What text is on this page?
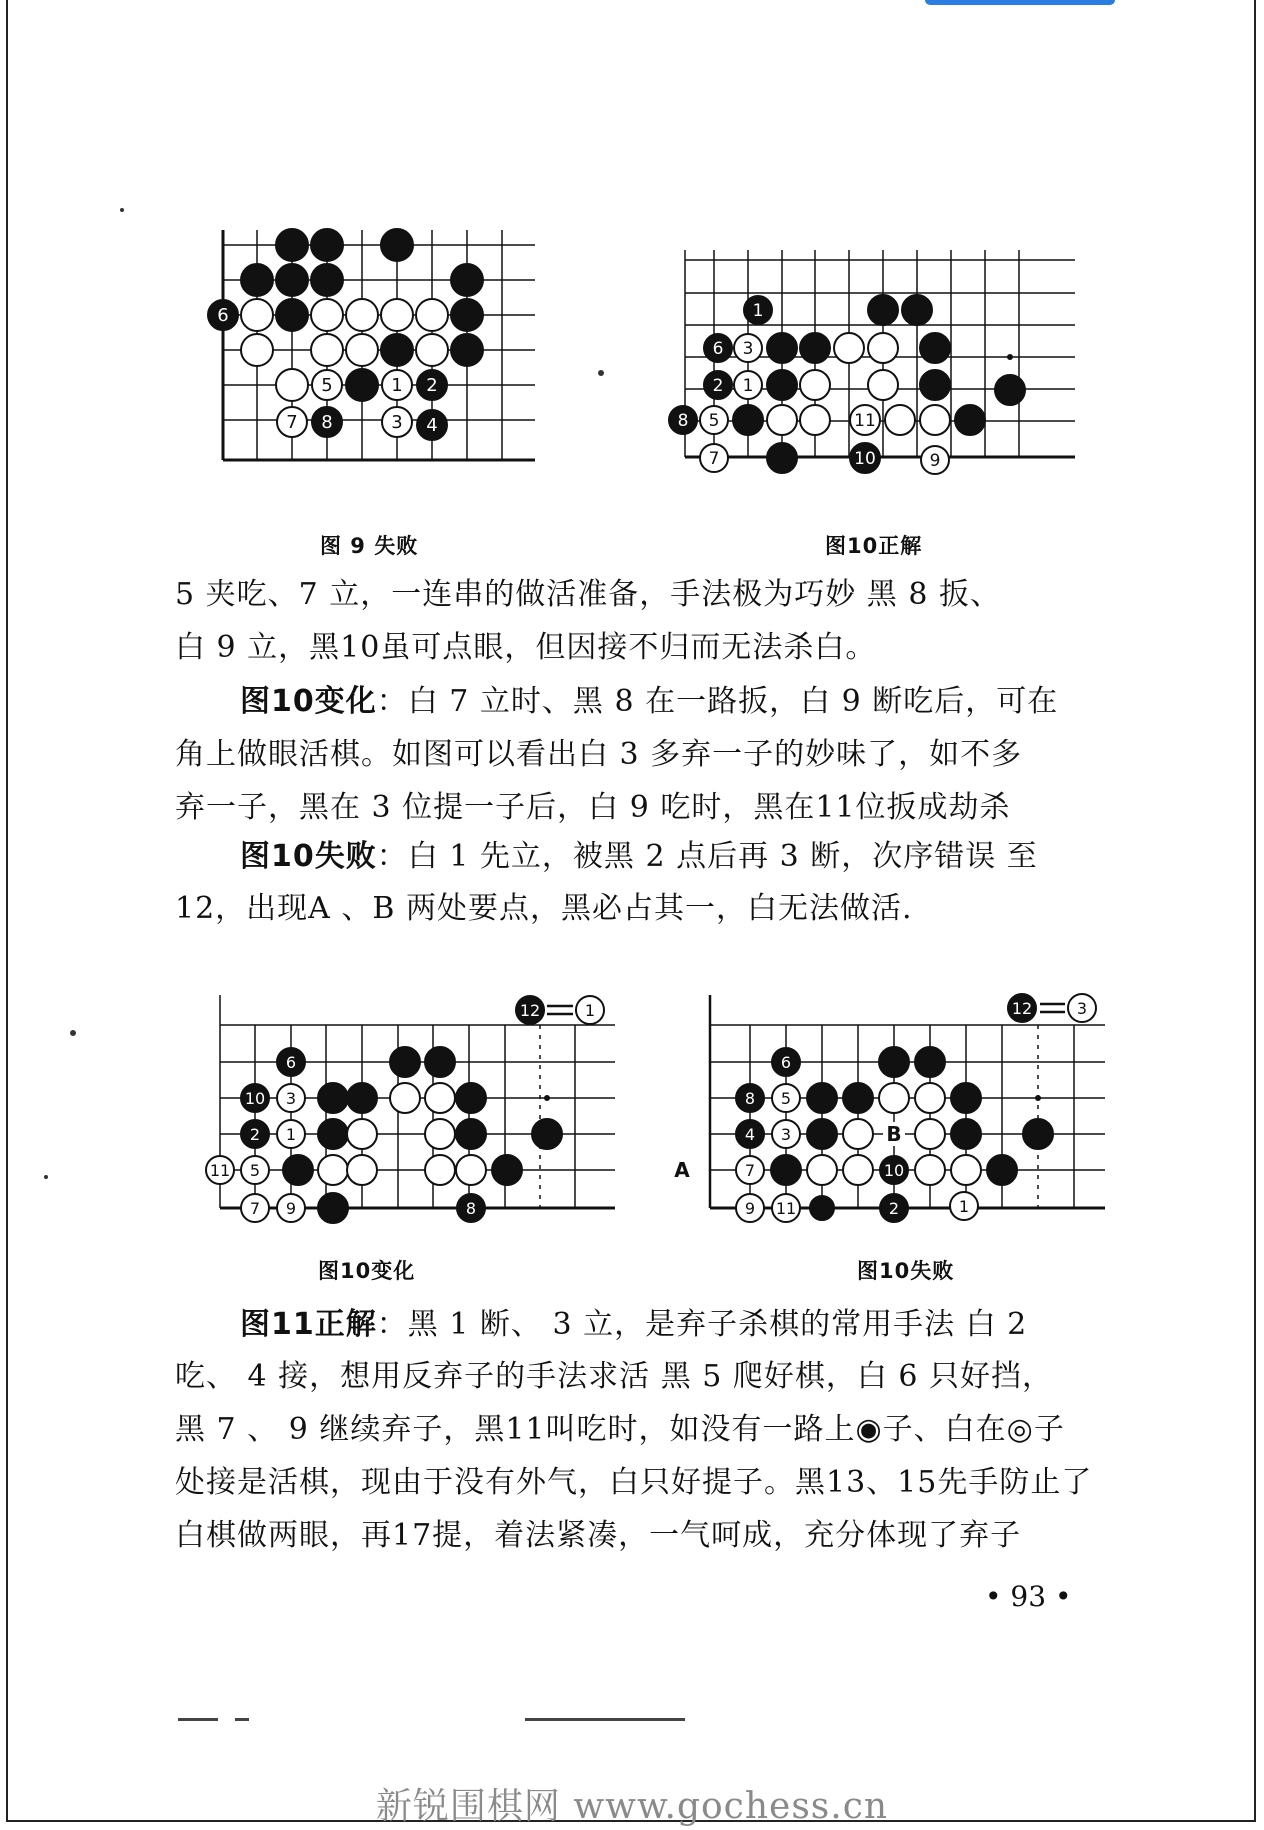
6
5	1 2
7 8	3 4
图 9 失败
1
6 3
2 1
8 5	11
7	10	9
图10正解
5 夹吃、7 立，一连串的做活准备，手法极为巧妙 黑 8 扳、
白 9 立，黑10虽可点眼，但因接不归而无法杀白。
图10变化：白 7 立时、黑 8 在一路扳，白 9 断吃后，可在
角上做眼活棋。如图可以看出白 3 多弃一子的妙味了，如不多
弃一子，黑在 3 位提一子后，白 9 吃时，黑在11位扳成劫杀
图10失败：白 1 先立，被黑 2 点后再 3 断，次序错误 至
12，出现A 、B 两处要点，黑必占其一，白无法做活.
12	1
6
10 3
2 1
11 5
7 9	8
图10变化
12	3
6
8 5
4 3	B
A	7	10
9 11	2	1
图10失败
图11正解：黑 1 断、 3 立，是弃子杀棋的常用手法 白 2
吃、 4 接，想用反弃子的手法求活 黑 5 爬好棋，白 6 只好挡，
黑 7 、 9 继续弃子，黑11叫吃时，如没有一路上◉子、白在◎子
处接是活棋，现由于没有外气，白只好提子。黑13、15先手防止了
白棋做两眼，再17提，着法紧凑，一气呵成，充分体现了弃子
• 93 •
新锐围棋网 www.gochess.cn
